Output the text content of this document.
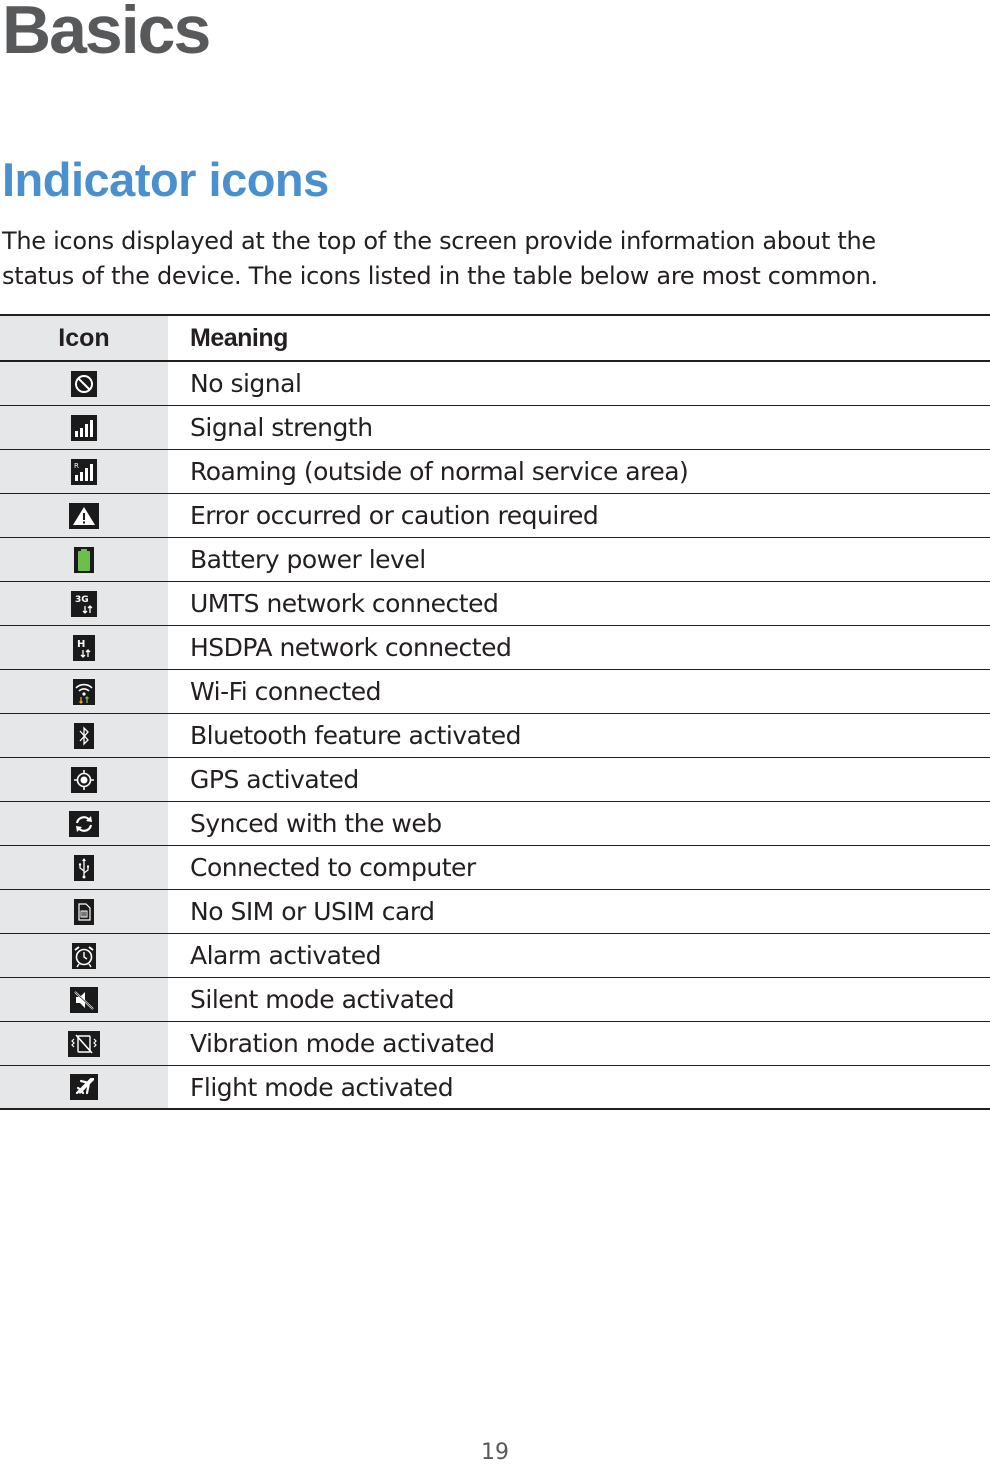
Basics
Indicator icons

The icons displayed at the top of the screen provide information about the status of the device. The icons listed in the table below are most common.

Icon	Meaning
No signal
Signal strength
R	Roaming (outside of normal service area)
Error occurred or caution required
Battery power level
3G	UMTS network connected
H	HSDPA network connected
Wi-Fi connected
Bluetooth feature activated
GPS activated
Synced with the web
Connected to computer
No SIM or USIM card
Alarm activated
Silent mode activated
Vibration mode activated
Flight mode activated
19
